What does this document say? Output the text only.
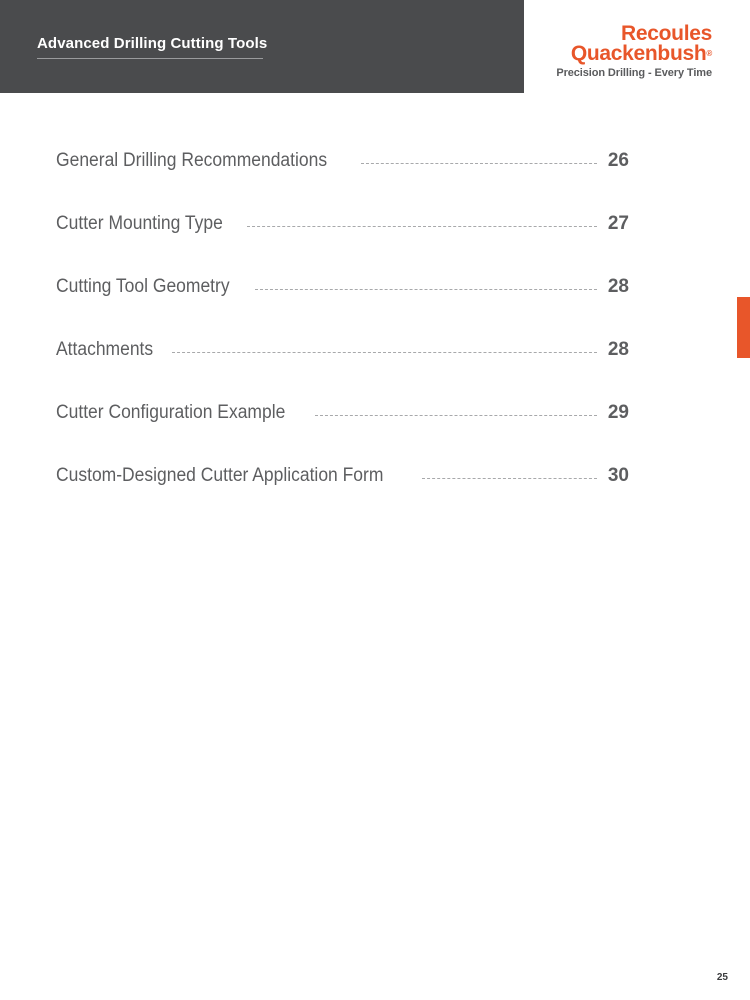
Advanced Drilling Cutting Tools	Recoules
Quackenbush®
Precision Drilling - Every Time
General Drilling Recommendations	26
Cutter Mounting Type	27
Cutting Tool Geometry	28
Attachments	28
Cutter Configuration Example	29
Custom-Designed Cutter Application Form	30
25
